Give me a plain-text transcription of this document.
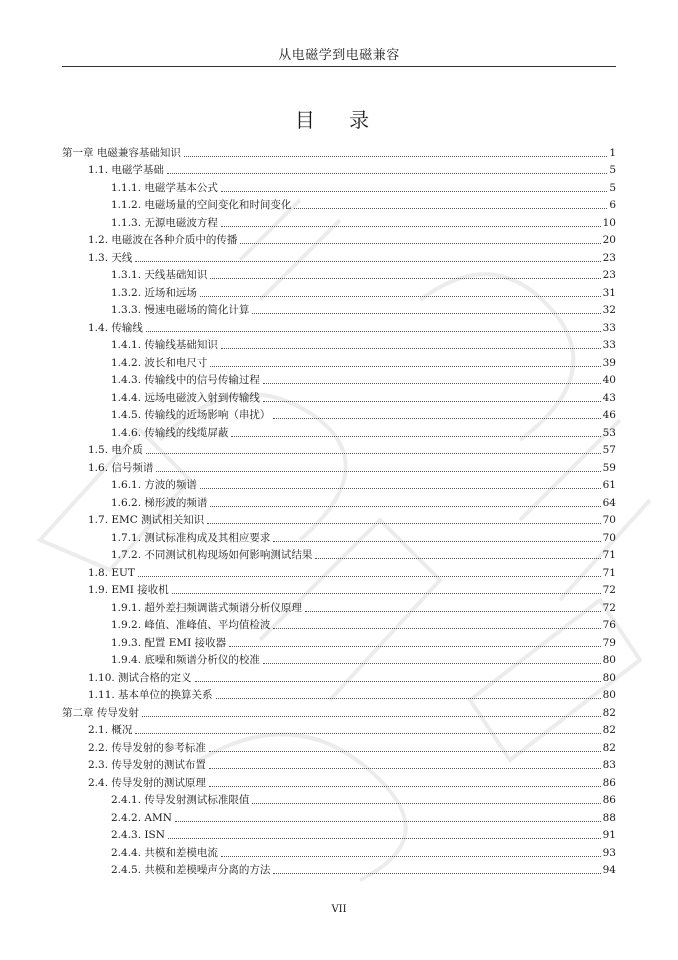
从电磁学到电磁兼容
目 录
第一章 电磁兼容基础知识	1
1.1. 电磁学基础	5
1.1.1. 电磁学基本公式	5
1.1.2. 电磁场量的空间变化和时间变化	6
1.1.3. 无源电磁波方程	10
1.2. 电磁波在各种介质中的传播	20
1.3. 天线	23
1.3.1. 天线基础知识	23
1.3.2. 近场和远场	31
1.3.3. 慢速电磁场的简化计算	32
1.4. 传输线	33
1.4.1. 传输线基础知识	33
1.4.2. 波长和电尺寸	39
1.4.3. 传输线中的信号传输过程	40
1.4.4. 远场电磁波入射到传输线	43
1.4.5. 传输线的近场影响（串扰）	46
1.4.6. 传输线的线缆屏蔽	53
1.5. 电介质	57
1.6. 信号频谱	59
1.6.1. 方波的频谱	61
1.6.2. 梯形波的频谱	64
1.7. EMC 测试相关知识	70
1.7.1. 测试标准构成及其相应要求	70
1.7.2. 不同测试机构现场如何影响测试结果	71
1.8. EUT	71
1.9. EMI 接收机	72
1.9.1. 超外差扫频调谐式频谱分析仪原理	72
1.9.2. 峰值、准峰值、平均值检波	76
1.9.3. 配置 EMI 接收器	79
1.9.4. 底噪和频谱分析仪的校准	80
1.10. 测试合格的定义	80
1.11. 基本单位的换算关系	80
第二章 传导发射	82
2.1. 概况	82
2.2. 传导发射的参考标准	82
2.3. 传导发射的测试布置	83
2.4. 传导发射的测试原理	86
2.4.1. 传导发射测试标准限值	86
2.4.2. AMN	88
2.4.3. ISN	91
2.4.4. 共模和差模电流	93
2.4.5. 共模和差模噪声分离的方法	94
VII
